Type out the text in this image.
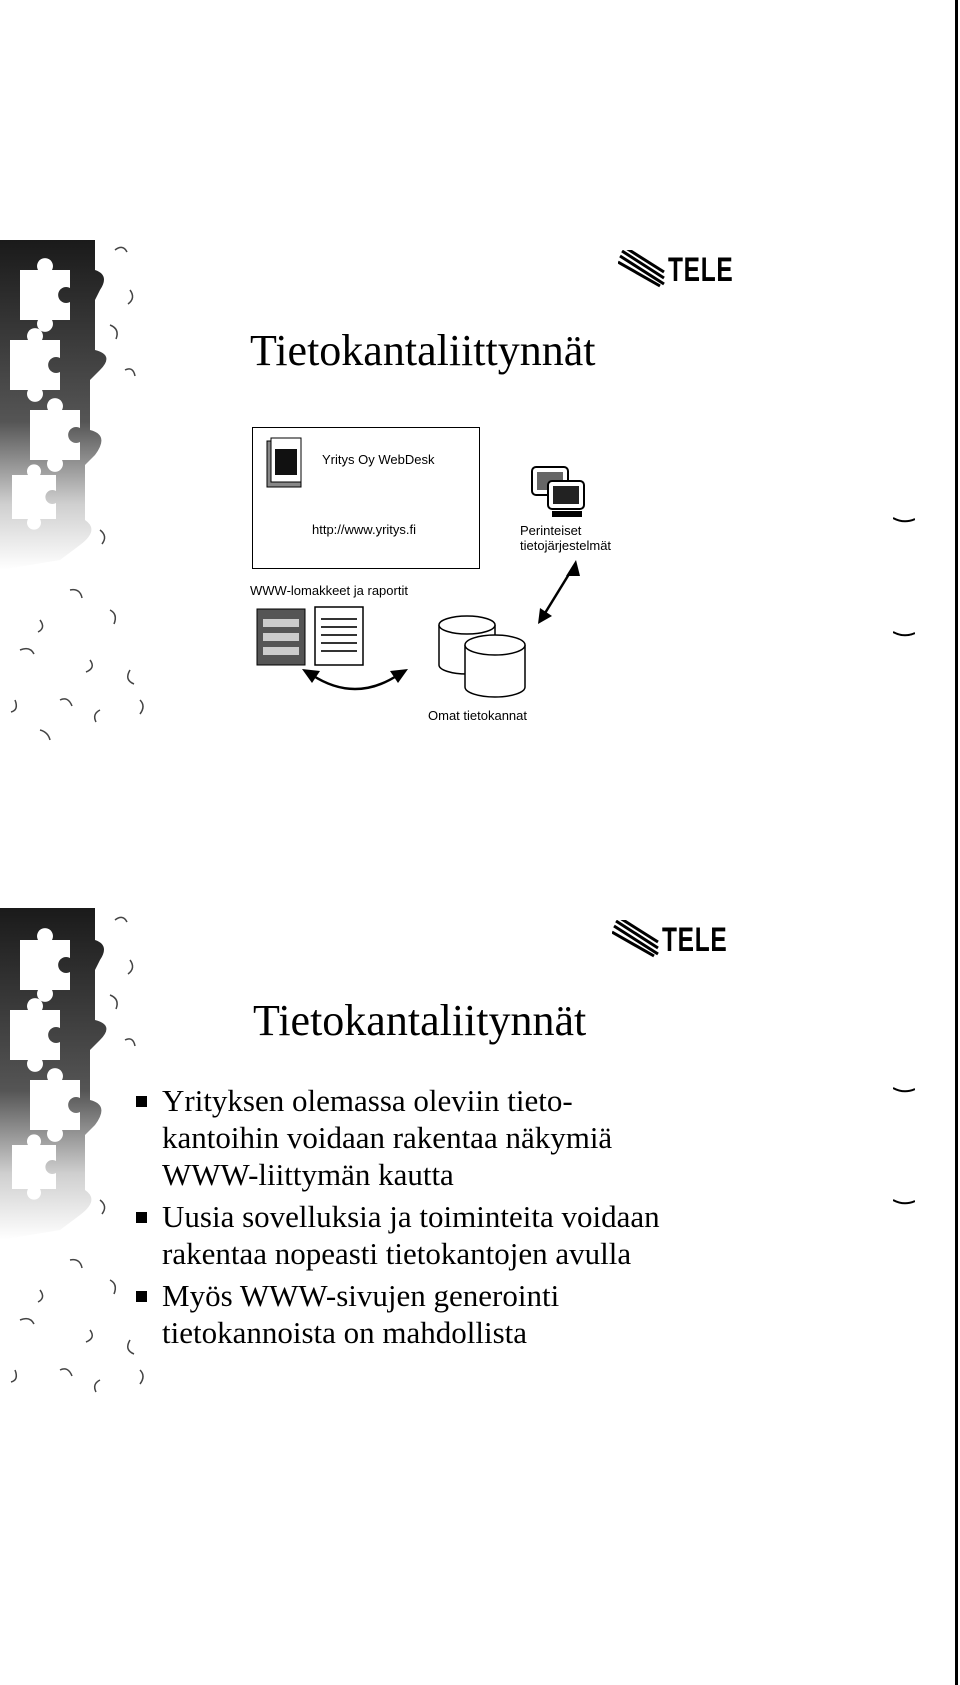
TELE
Tietokantaliittynnät
Yritys Oy WebDesk
http://www.yritys.fi	Perinteiset
tietojärjestelmät
WWW-lomakkeet ja raportit
Omat tietokannat
TELE
Tietokantaliitynnät
Yrityksen olemassa oleviin tieto-
kantoihin voidaan rakentaa näkymiä
WWW-liittymän kautta
Uusia sovelluksia ja toiminteita voidaan
rakentaa nopeasti tietokantojen avulla
Myös WWW-sivujen generointi
tietokannoista on mahdollista
